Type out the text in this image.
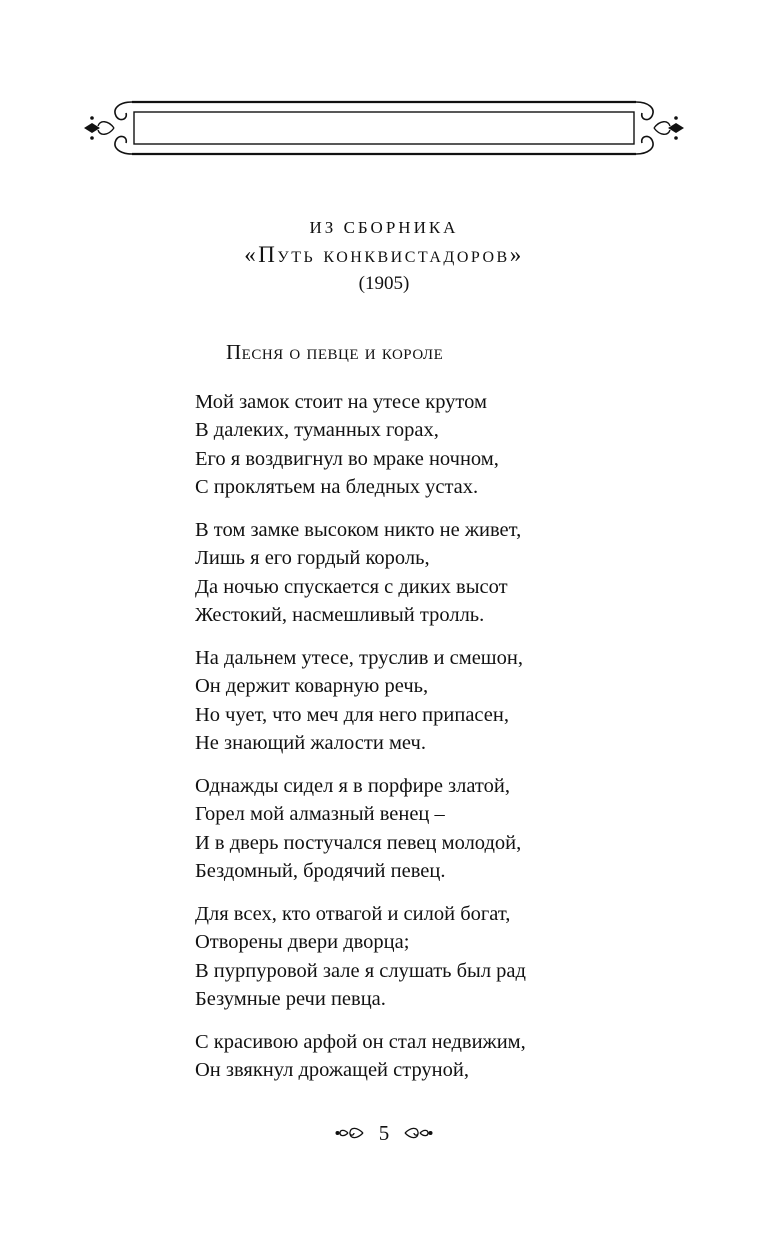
ИЗ СБОРНИКА
«Путь конквистадоров»
(1905)
Песня о певце и короле
Мой замок стоит на утесе крутом
В далеких, туманных горах,
Его я воздвигнул во мраке ночном,
С проклятьем на бледных устах.
В том замке высоком никто не живет,
Лишь я его гордый король,
Да ночью спускается с диких высот
Жестокий, насмешливый тролль.
На дальнем утесе, труслив и смешон,
Он держит коварную речь,
Но чует, что меч для него припасен,
Не знающий жалости меч.
Однажды сидел я в порфире златой,
Горел мой алмазный венец –
И в дверь постучался певец молодой,
Бездомный, бродячий певец.
Для всех, кто отвагой и силой богат,
Отворены двери дворца;
В пурпуровой зале я слушать был рад
Безумные речи певца.
С красивою арфой он стал недвижим,
Он звякнул дрожащей струной,
5
